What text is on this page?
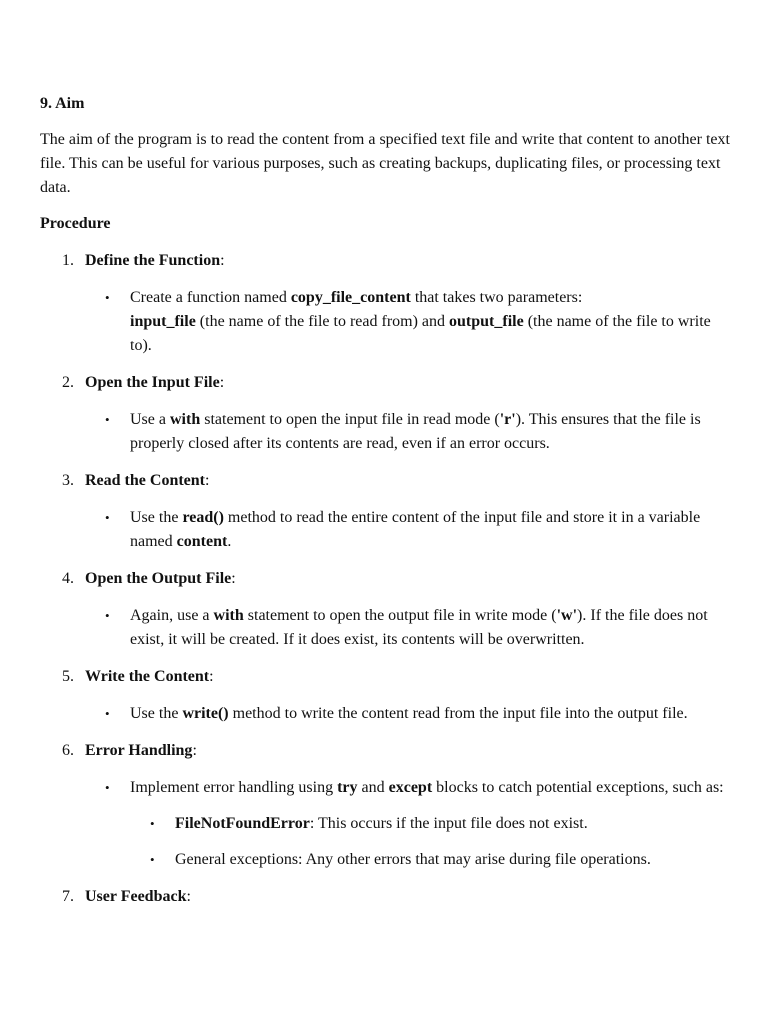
9. Aim

The aim of the program is to read the content from a specified text file and write that content to another text file. This can be useful for various purposes, such as creating backups, duplicating files, or processing text data.

Procedure

1. Define the Function:
• Create a function named copy_file_content that takes two parameters:
input_file (the name of the file to read from) and output_file (the name of the file to write to).
2. Open the Input File:
• Use a with statement to open the input file in read mode ('r'). This ensures that the file is properly closed after its contents are read, even if an error occurs.
3. Read the Content:
• Use the read() method to read the entire content of the input file and store it in a variable named content.
4. Open the Output File:
• Again, use a with statement to open the output file in write mode ('w'). If the file does not exist, it will be created. If it does exist, its contents will be overwritten.
5. Write the Content:
• Use the write() method to write the content read from the input file into the output file.
6. Error Handling:
• Implement error handling using try and except blocks to catch potential exceptions, such as:
• FileNotFoundError: This occurs if the input file does not exist.
• General exceptions: Any other errors that may arise during file operations.
7. User Feedback:
